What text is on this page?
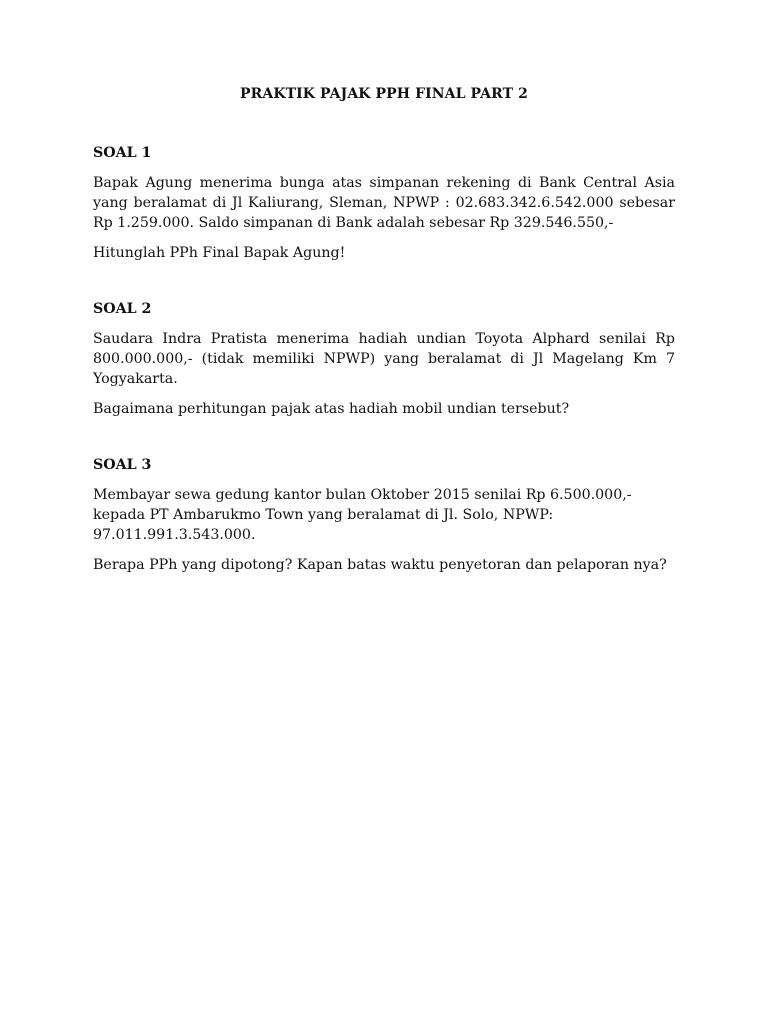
PRAKTIK PAJAK PPH FINAL PART 2
SOAL 1

Bapak Agung menerima bunga atas simpanan rekening di Bank Central Asia yang beralamat di Jl Kaliurang, Sleman, NPWP : 02.683.342.6.542.000 sebesar Rp 1.259.000. Saldo simpanan di Bank adalah sebesar Rp 329.546.550,-

Hitunglah PPh Final Bapak Agung!

SOAL 2

Saudara Indra Pratista menerima hadiah undian Toyota Alphard senilai Rp 800.000.000,- (tidak memiliki NPWP) yang beralamat di Jl Magelang Km 7 Yogyakarta.

Bagaimana perhitungan pajak atas hadiah mobil undian tersebut?

SOAL 3

Membayar sewa gedung kantor bulan Oktober 2015 senilai Rp 6.500.000,- kepada PT Ambarukmo Town yang beralamat di Jl. Solo, NPWP: 97.011.991.3.543.000.

Berapa PPh yang dipotong? Kapan batas waktu penyetoran dan pelaporan nya?
